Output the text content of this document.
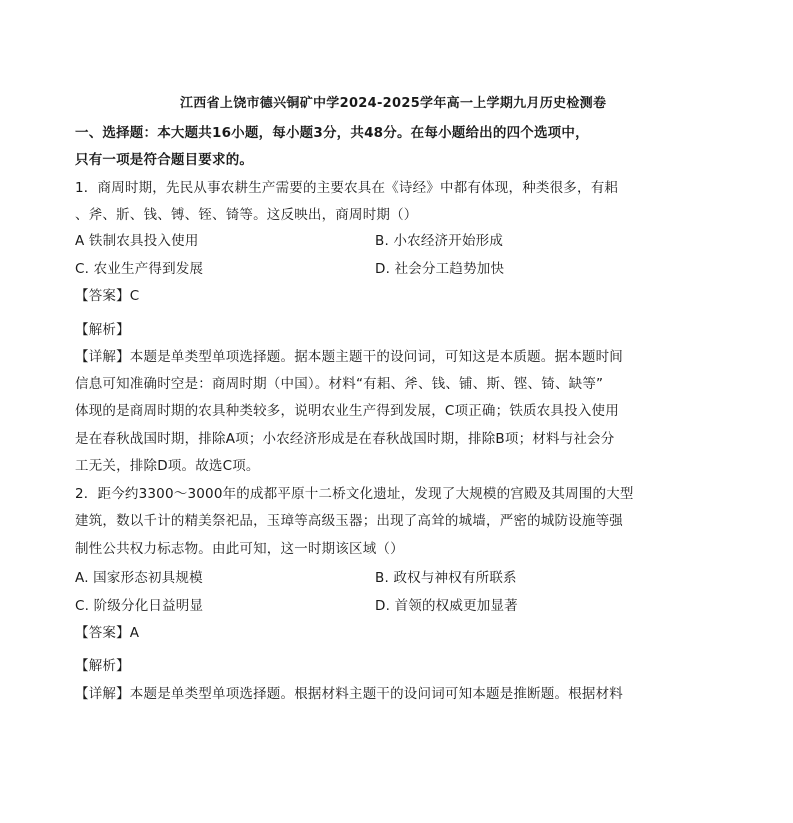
江西省上饶市德兴铜矿中学2024-2025学年高一上学期九月历史检测卷
一、选择题：本大题共16小题，每小题3分，共48分。在每小题给出的四个选项中，
只有一项是符合题目要求的。
1．商周时期，先民从事农耕生产需要的主要农具在《诗经》中都有体现，种类很多，有耜
、斧、斨、钱、镈、铚、锜等。这反映出，商周时期（）
A 铁制农具投入使用	B. 小农经济开始形成
C. 农业生产得到发展	D. 社会分工趋势加快
【答案】C
【解析】
【详解】本题是单类型单项选择题。据本题主题干的设问词，可知这是本质题。据本题时间
信息可知准确时空是：商周时期（中国）。材料“有耜、斧、钱、铺、斯、铿、锜、缺等”
体现的是商周时期的农具种类较多，说明农业生产得到发展，C项正确；铁质农具投入使用
是在春秋战国时期，排除A项；小农经济形成是在春秋战国时期，排除B项；材料与社会分
工无关，排除D项。故选C项。
2．距今约3300～3000年的成都平原十二桥文化遗址，发现了大规模的宫殿及其周围的大型
建筑，数以千计的精美祭祀品，玉璋等高级玉器；出现了高耸的城墙，严密的城防设施等强
制性公共权力标志物。由此可知，这一时期该区域（）
A. 国家形态初具规模	B. 政权与神权有所联系
C. 阶级分化日益明显	D. 首领的权威更加显著
【答案】A
【解析】
【详解】本题是单类型单项选择题。根据材料主题干的设问词可知本题是推断题。根据材料
